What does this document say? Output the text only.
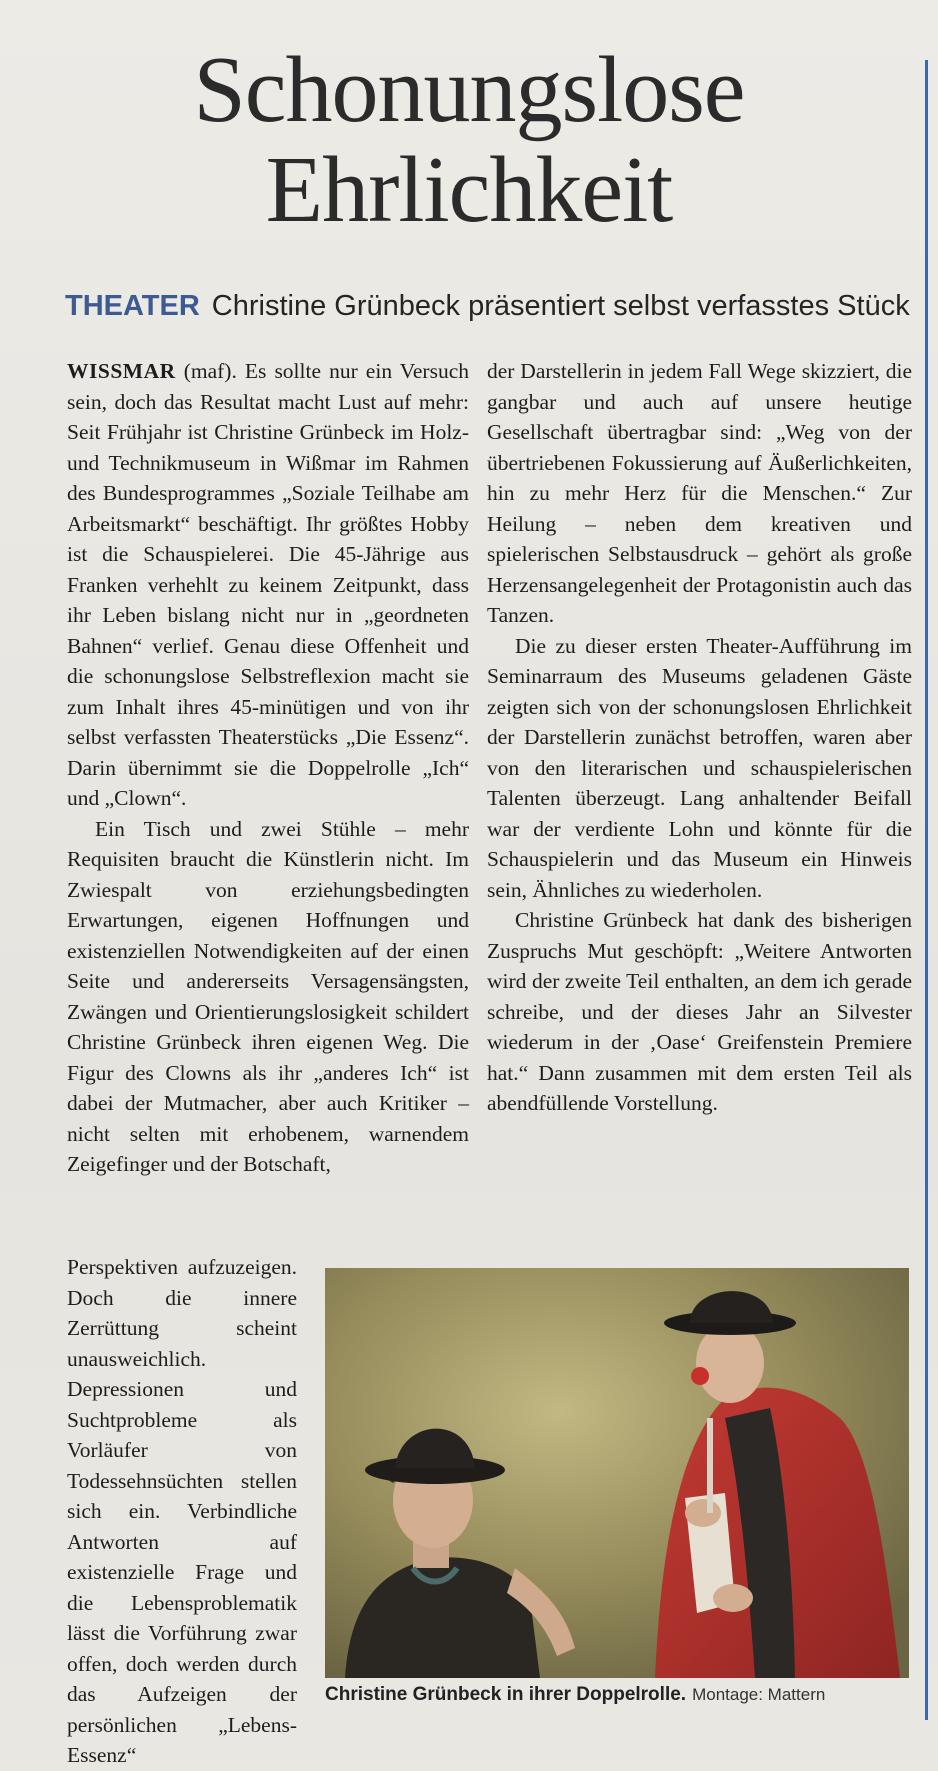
Schonungslose
Ehrlichkeit
THEATER Christine Grünbeck präsentiert selbst verfasstes Stück

WISSMAR (maf). Es sollte nur ein Versuch sein, doch das Resultat macht Lust auf mehr: Seit Frühjahr ist Christine Grünbeck im Holz- und Technikmuseum in Wißmar im Rahmen des Bundesprogrammes „Soziale Teilhabe am Arbeitsmarkt“ beschäftigt. Ihr größtes Hobby ist die Schauspielerei. Die 45-Jährige aus Franken verhehlt zu keinem Zeitpunkt, dass ihr Leben bislang nicht nur in „geordneten Bahnen“ verlief. Genau diese Offenheit und die schonungslose Selbstreflexion macht sie zum Inhalt ihres 45-minütigen und von ihr selbst verfassten Theaterstücks „Die Essenz“. Darin übernimmt sie die Doppelrolle „Ich“ und „Clown“.

Ein Tisch und zwei Stühle – mehr Requisiten braucht die Künstlerin nicht. Im Zwiespalt von erziehungsbedingten Erwartungen, eigenen Hoffnungen und existenziellen Notwendigkeiten auf der einen Seite und andererseits Versagensängsten, Zwängen und Orientierungslosigkeit schildert Christine Grünbeck ihren eigenen Weg. Die Figur des Clowns als ihr „anderes Ich“ ist dabei der Mutmacher, aber auch Kritiker – nicht selten mit erhobenem, warnendem Zeigefinger und der Botschaft,

Perspektiven aufzuzeigen. Doch die innere Zerrüttung scheint unausweichlich. Depressionen und Suchtprobleme als Vorläufer von Todessehnsüchten stellen sich ein. Verbindliche Antworten auf existenzielle Frage und die Lebensproblematik lässt die Vorführung zwar offen, doch werden durch das Aufzeigen der persönlichen „Lebens-Essenz“

der Darstellerin in jedem Fall Wege skizziert, die gangbar und auch auf unsere heutige Gesellschaft übertragbar sind: „Weg von der übertriebenen Fokussierung auf Äußerlichkeiten, hin zu mehr Herz für die Menschen.“ Zur Heilung – neben dem kreativen und spielerischen Selbstausdruck – gehört als große Herzensangelegenheit der Protagonistin auch das Tanzen.

Die zu dieser ersten Theater-Aufführung im Seminarraum des Museums geladenen Gäste zeigten sich von der schonungslosen Ehrlichkeit der Darstellerin zunächst betroffen, waren aber von den literarischen und schauspielerischen Talenten überzeugt. Lang anhaltender Beifall war der verdiente Lohn und könnte für die Schauspielerin und das Museum ein Hinweis sein, Ähnliches zu wiederholen.

Christine Grünbeck hat dank des bisherigen Zuspruchs Mut geschöpft: „Weitere Antworten wird der zweite Teil enthalten, an dem ich gerade schreibe, und der dieses Jahr an Silvester wiederum in der ‚Oase‘ Greifenstein Premiere hat.“ Dann zusammen mit dem ersten Teil als abendfüllende Vorstellung.

Christine Grünbeck in ihrer Doppelrolle. Montage: Mattern
